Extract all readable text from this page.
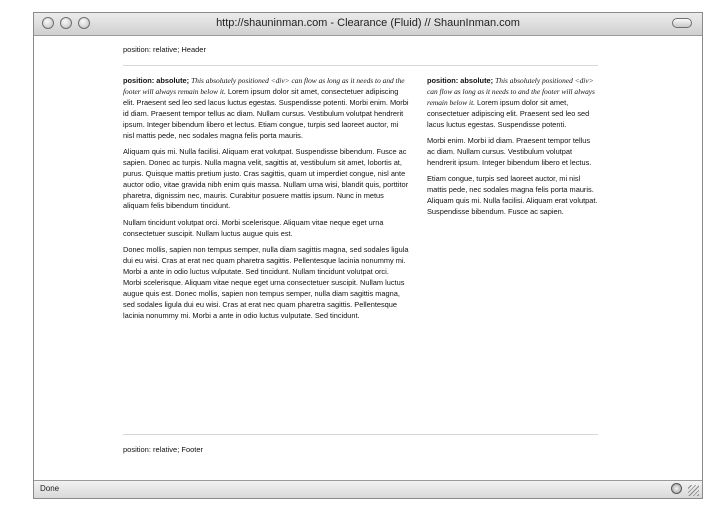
http://shauninman.com - Clearance (Fluid) // ShaunInman.com
position: relative; Header

position: absolute; This absolutely positioned <div> can flow as long as it needs to and the footer will always remain below it. Lorem ipsum dolor sit amet, consectetuer adipiscing elit. Praesent sed leo sed lacus luctus egestas. Suspendisse potenti. Morbi enim. Morbi id diam. Praesent tempor tellus ac diam. Nullam cursus. Vestibulum volutpat hendrerit ipsum. Integer bibendum libero et lectus. Etiam congue, turpis sed laoreet auctor, mi nisl mattis pede, nec sodales magna felis porta mauris.

Aliquam quis mi. Nulla facilisi. Aliquam erat volutpat. Suspendisse bibendum. Fusce ac sapien. Donec ac turpis. Nulla magna velit, sagittis at, vestibulum sit amet, lobortis at, purus. Quisque mattis pretium justo. Cras sagittis, quam ut imperdiet congue, nisl ante auctor odio, vitae gravida nibh enim quis massa. Nullam urna wisi, blandit quis, porttitor pharetra, dignissim nec, mauris. Curabitur posuere mattis ipsum. Nunc in metus aliquam felis bibendum tincidunt.

Nullam tincidunt volutpat orci. Morbi scelerisque. Aliquam vitae neque eget urna consectetuer suscipit. Nullam luctus augue quis est.

Donec mollis, sapien non tempus semper, nulla diam sagittis magna, sed sodales ligula dui eu wisi. Cras at erat nec quam pharetra sagittis. Pellentesque lacinia nonummy mi. Morbi a ante in odio luctus vulputate. Sed tincidunt. Nullam tincidunt volutpat orci. Morbi scelerisque. Aliquam vitae neque eget urna consectetuer suscipit. Nullam luctus augue quis est. Donec mollis, sapien non tempus semper, nulla diam sagittis magna, sed sodales ligula dui eu wisi. Cras at erat nec quam pharetra sagittis. Pellentesque lacinia nonummy mi. Morbi a ante in odio luctus vulputate. Sed tincidunt.

position: absolute; This absolutely positioned <div> can flow as long as it needs to and the footer will always remain below it. Lorem ipsum dolor sit amet, consectetuer adipiscing elit. Praesent sed leo sed lacus luctus egestas. Suspendisse potenti.

Morbi enim. Morbi id diam. Praesent tempor tellus ac diam. Nullam cursus. Vestibulum volutpat hendrerit ipsum. Integer bibendum libero et lectus.

Etiam congue, turpis sed laoreet auctor, mi nisl mattis pede, nec sodales magna felis porta mauris. Aliquam quis mi. Nulla facilisi. Aliquam erat volutpat. Suspendisse bibendum. Fusce ac sapien.

position: relative; Footer
Done
